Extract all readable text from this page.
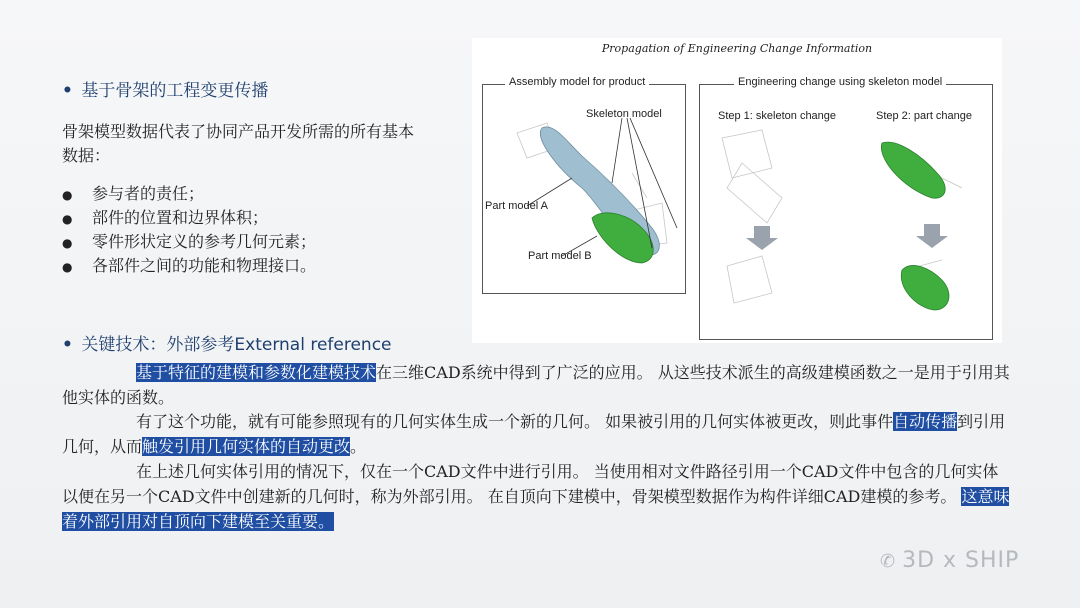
• 基于骨架的工程变更传播
骨架模型数据代表了协同产品开发所需的所有基本数据：
● 参与者的责任；
● 部件的位置和边界体积；
● 零件形状定义的参考几何元素；
● 各部件之间的功能和物理接口。
Propagation of Engineering Change Information
Assembly model for product	Engineering change using skeleton model
Skeleton model
Part model A
Part model B
Step 1: skeleton change	Step 2: part change
• 关键技术：外部参考External reference
基于特征的建模和参数化建模技术在三维CAD系统中得到了广泛的应用。 从这些技术派生的高级建模函数之一是用于引用其他实体的函数。
有了这个功能，就有可能参照现有的几何实体生成一个新的几何。 如果被引用的几何实体被更改，则此事件自动传播到引用几何，从而触发引用几何实体的自动更改。
在上述几何实体引用的情况下，仅在一个CAD文件中进行引用。 当使用相对文件路径引用一个CAD文件中包含的几何实体以便在另一个CAD文件中创建新的几何时，称为外部引用。 在自顶向下建模中，骨架模型数据作为构件详细CAD建模的参考。 这意味着外部引用对自顶向下建模至关重要。
✆ 3D x SHIP
